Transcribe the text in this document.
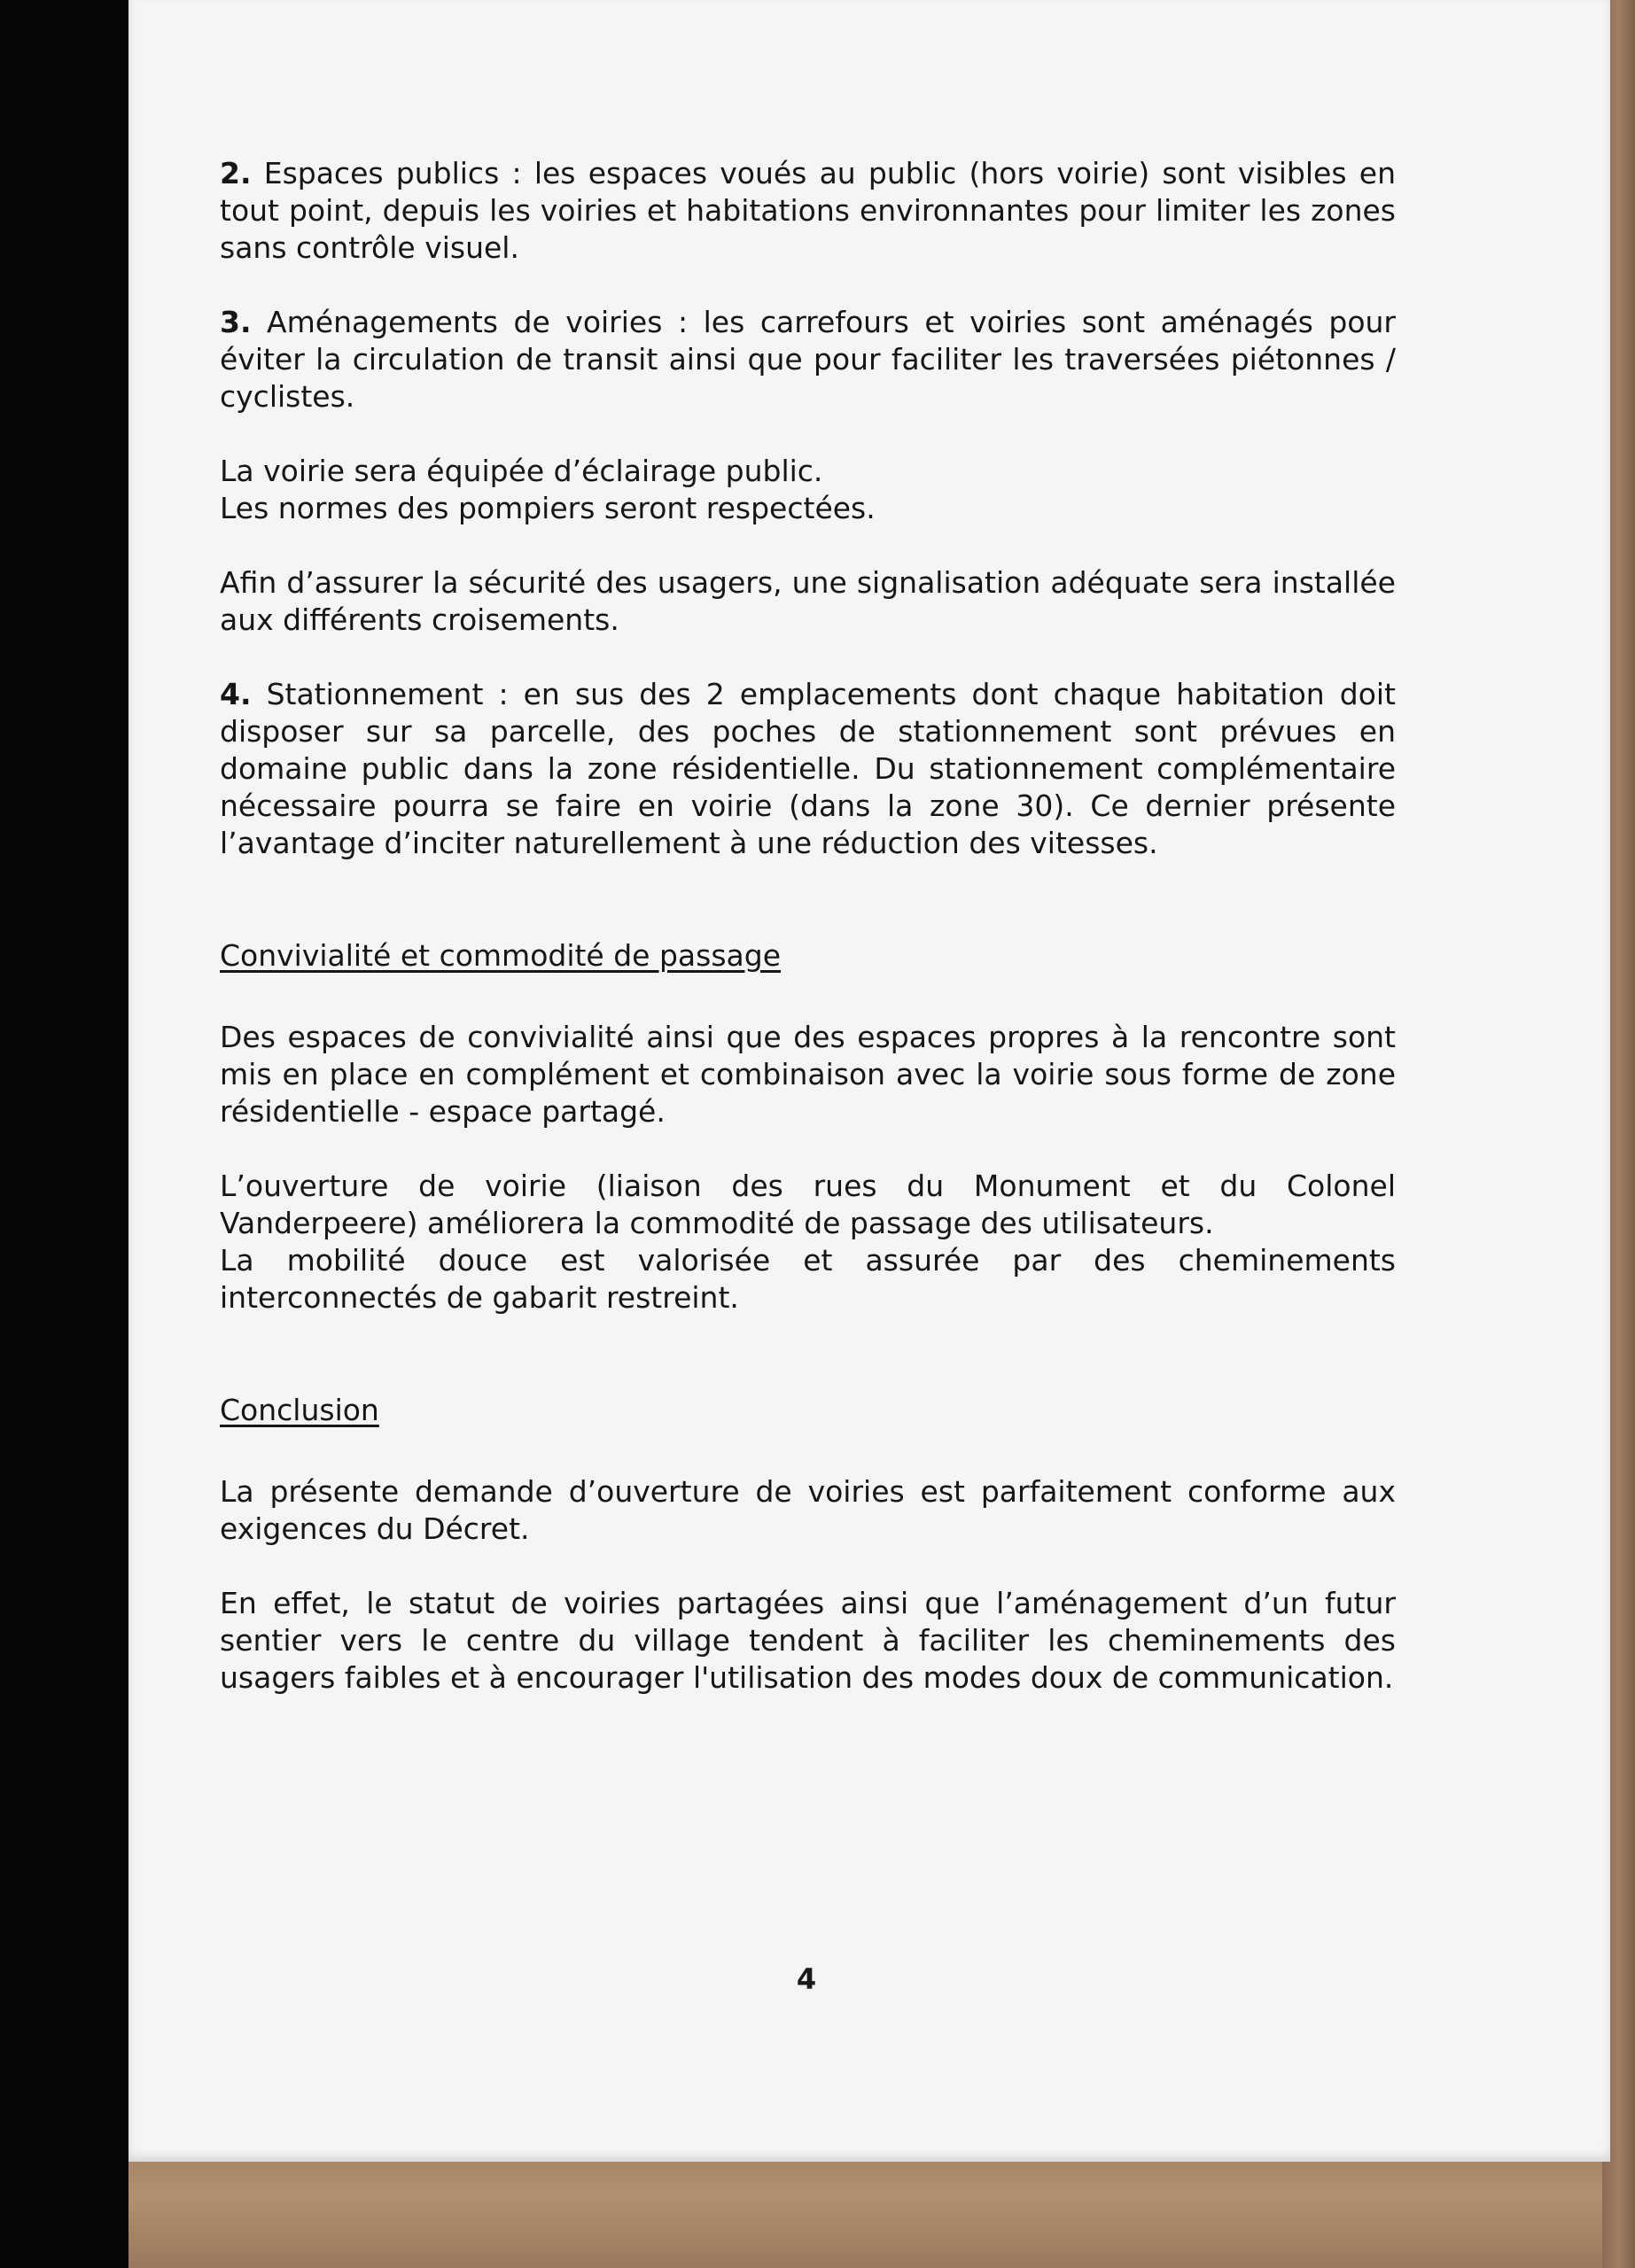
2. Espaces publics : les espaces voués au public (hors voirie) sont visibles en tout point, depuis les voiries et habitations environnantes pour limiter les zones sans contrôle visuel.

3. Aménagements de voiries : les carrefours et voiries sont aménagés pour éviter la circulation de transit ainsi que pour faciliter les traversées piétonnes / cyclistes.

La voirie sera équipée d’éclairage public.
Les normes des pompiers seront respectées.

Afin d’assurer la sécurité des usagers, une signalisation adéquate sera installée aux différents croisements.

4. Stationnement : en sus des 2 emplacements dont chaque habitation doit disposer sur sa parcelle, des poches de stationnement sont prévues en domaine public dans la zone résidentielle. Du stationnement complémentaire nécessaire pourra se faire en voirie (dans la zone 30). Ce dernier présente l’avantage d’inciter naturellement à une réduction des vitesses.

Convivialité et commodité de passage

Des espaces de convivialité ainsi que des espaces propres à la rencontre sont mis en place en complément et combinaison avec la voirie sous forme de zone résidentielle - espace partagé.

L’ouverture de voirie (liaison des rues du Monument et du Colonel Vanderpeere) améliorera la commodité de passage des utilisateurs.
La mobilité douce est valorisée et assurée par des cheminements interconnectés de gabarit restreint.

Conclusion

La présente demande d’ouverture de voiries est parfaitement conforme aux exigences du Décret.

En effet, le statut de voiries partagées ainsi que l’aménagement d’un futur sentier vers le centre du village tendent à faciliter les cheminements des usagers faibles et à encourager l'utilisation des modes doux de communication.

4
